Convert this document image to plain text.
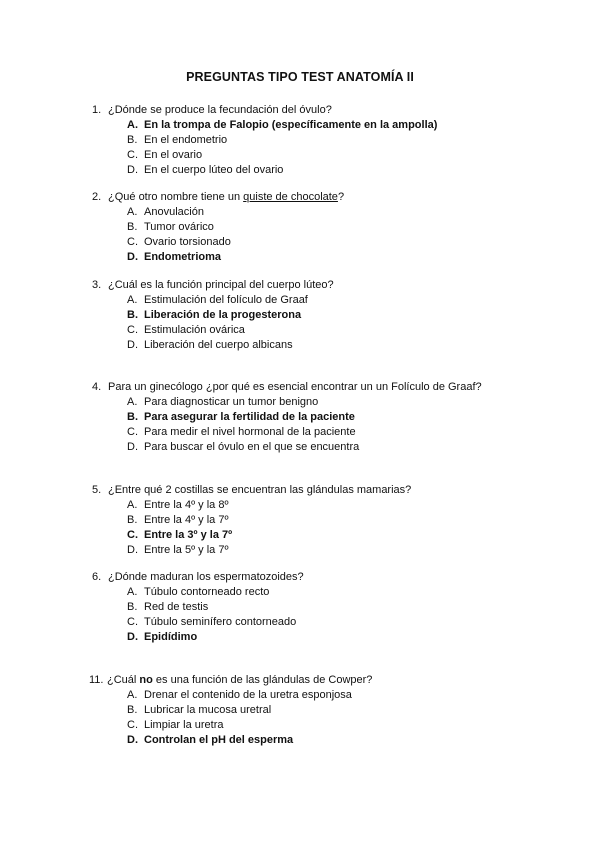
PREGUNTAS TIPO TEST ANATOMÍA II
1. ¿Dónde se produce la fecundación del óvulo?
A. En la trompa de Falopio (específicamente en la ampolla)
B. En el endometrio
C. En el ovario
D. En el cuerpo lúteo del ovario
2. ¿Qué otro nombre tiene un quiste de chocolate?
A. Anovulación
B. Tumor ovárico
C. Ovario torsionado
D. Endometrioma
3. ¿Cuál es la función principal del cuerpo lúteo?
A. Estimulación del folículo de Graaf
B. Liberación de la progesterona
C. Estimulación ovárica
D. Liberación del cuerpo albicans
4. Para un ginecólogo ¿por qué es esencial encontrar un un Folículo de Graaf?
A. Para diagnosticar un tumor benigno
B. Para asegurar la fertilidad de la paciente
C. Para medir el nivel hormonal de la paciente
D. Para buscar el óvulo en el que se encuentra
5. ¿Entre qué 2 costillas se encuentran las glándulas mamarias?
A. Entre la 4º y la 8º
B. Entre la 4º y la 7º
C. Entre la 3º y la 7º
D. Entre la 5º y la 7º
6. ¿Dónde maduran los espermatozoides?
A. Túbulo contorneado recto
B. Red de testis
C. Túbulo seminífero contorneado
D. Epidídimo
11. ¿Cuál no es una función de las glándulas de Cowper?
A. Drenar el contenido de la uretra esponjosa
B. Lubricar la mucosa uretral
C. Limpiar la uretra
D. Controlan el pH del esperma
